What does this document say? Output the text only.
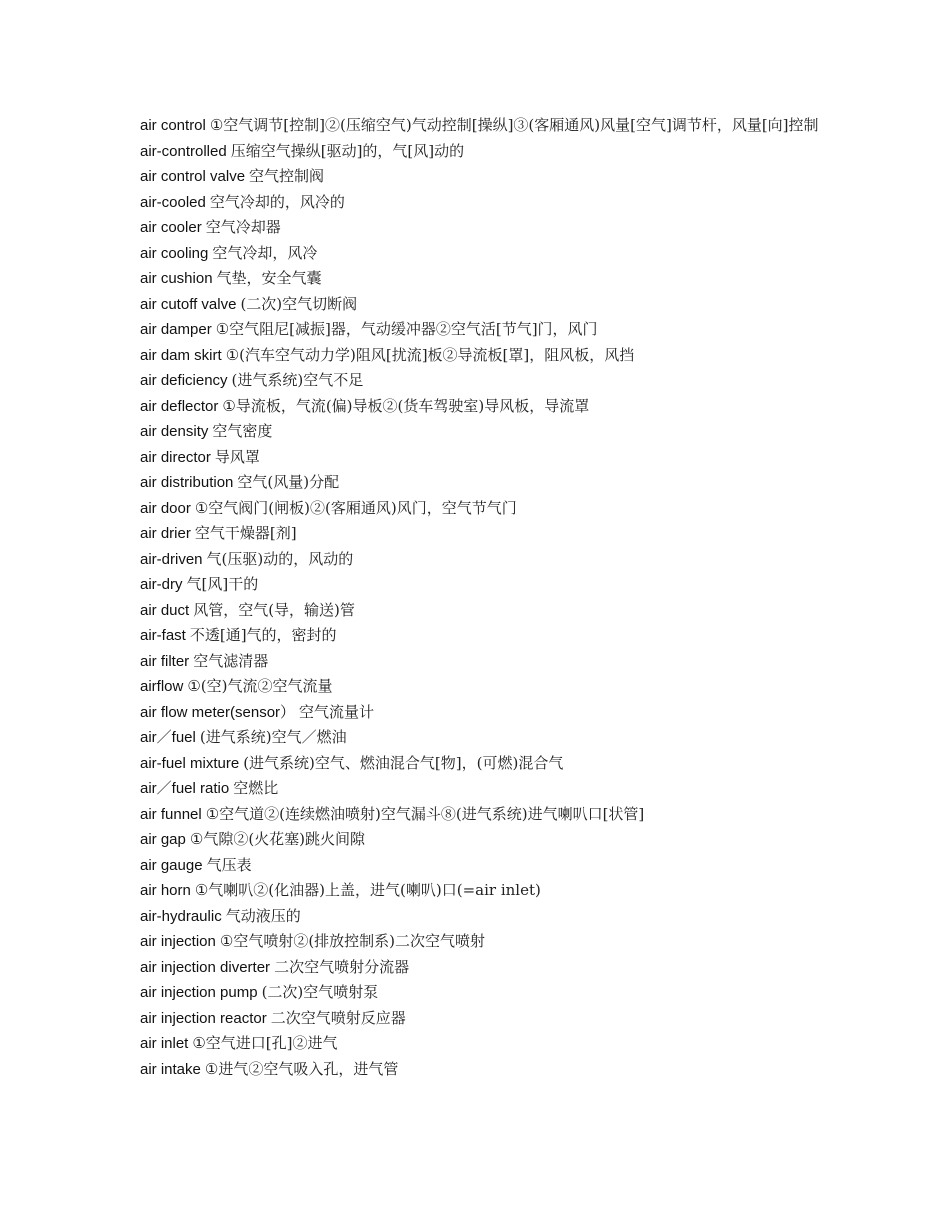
air control ①空气调节[控制]②(压缩空气)气动控制[操纵]③(客厢通风)风量[空气]调节杆，风量[向]控制
air-controlled 压缩空气操纵[驱动]的，气[风]动的
air control valve 空气控制阀
air-cooled 空气冷却的，风冷的
air cooler 空气冷却器
air cooling 空气冷却，风冷
air cushion 气垫，安全气囊
air cutoff valve (二次)空气切断阀
air damper ①空气阻尼[减振]器，气动缓冲器②空气活[节气]门，风门
air dam skirt ①(汽车空气动力学)阻风[扰流]板②导流板[罩]，阻风板，风挡
air deficiency (进气系统)空气不足
air deflector ①导流板，气流(偏)导板②(货车驾驶室)导风板，导流罩
air density 空气密度
air director 导风罩
air distribution 空气(风量)分配
air door ①空气阀门(闸板)②(客厢通风)风门，空气节气门
air drier 空气干燥器[剂]
air-driven 气(压驱)动的，风动的
air-dry 气[风]干的
air duct 风管，空气(导，输送)管
air-fast 不透[通]气的，密封的
air filter 空气滤清器
airflow ①(空)气流②空气流量
air flow meter(sensor） 空气流量计
air／fuel (进气系统)空气／燃油
air-fuel mixture (进气系统)空气、燃油混合气[物]，(可燃)混合气
air／fuel ratio 空燃比
air funnel ①空气道②(连续燃油喷射)空气漏斗⑧(进气系统)进气喇叭口[状管]
air gap ①气隙②(火花塞)跳火间隙
air gauge 气压表
air horn ①气喇叭②(化油器)上盖，进气(喇叭)口(=air inlet)
air-hydraulic 气动液压的
air injection ①空气喷射②(排放控制系)二次空气喷射
air injection diverter 二次空气喷射分流器
air injection pump (二次)空气喷射泵
air injection reactor 二次空气喷射反应器
air inlet ①空气进口[孔]②进气
air intake ①进气②空气吸入孔，进气管
